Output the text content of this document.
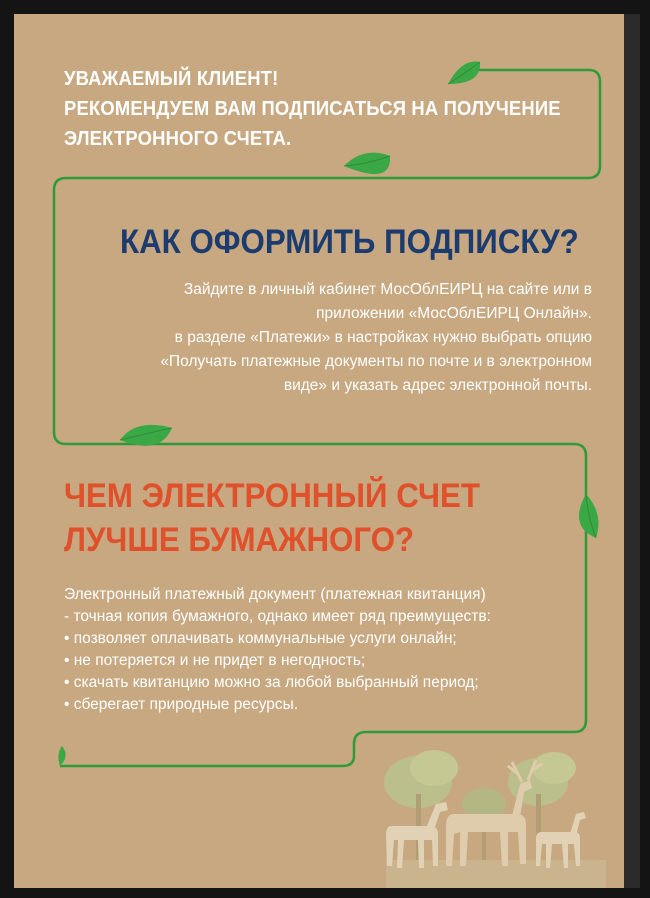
УВАЖАЕМЫЙ КЛИЕНТ!
РЕКОМЕНДУЕМ ВАМ ПОДПИСАТЬСЯ НА ПОЛУЧЕНИЕ
ЭЛЕКТРОННОГО СЧЕТА.
КАК ОФОРМИТЬ ПОДПИСКУ?
Зайдите в личный кабинет МосОблЕИРЦ на сайте или в
приложении «МосОблЕИРЦ Онлайн».
в разделе «Платежи» в настройках нужно выбрать опцию
«Получать платежные документы по почте и в электронном
виде» и указать адрес электронной почты.
ЧЕМ ЭЛЕКТРОННЫЙ СЧЕТ
ЛУЧШЕ БУМАЖНОГО?
Электронный платежный документ (платежная квитанция)
- точная копия бумажного, однако имеет ряд преимуществ:
• позволяет оплачивать коммунальные услуги онлайн;
• не потеряется и не придет в негодность;
• скачать квитанцию можно за любой выбранный период;
• сберегает природные ресурсы.
